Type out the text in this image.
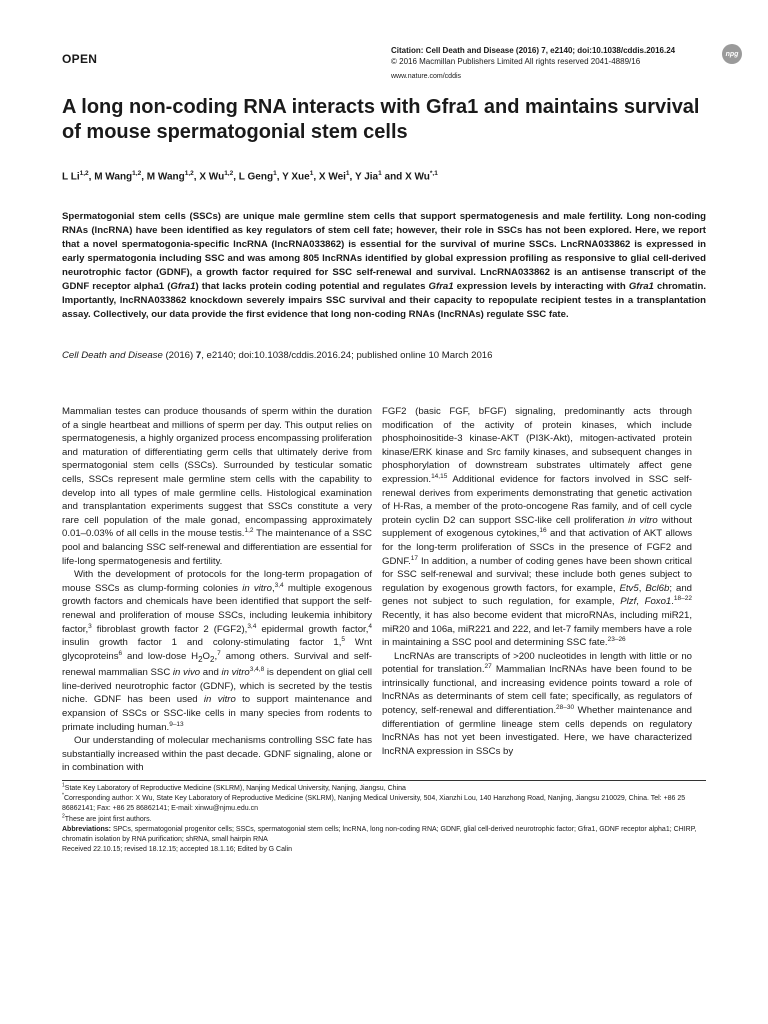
OPEN
Citation: Cell Death and Disease (2016) 7, e2140; doi:10.1038/cddis.2016.24
© 2016 Macmillan Publishers Limited All rights reserved 2041-4889/16
www.nature.com/cddis
npg
A long non-coding RNA interacts with Gfra1 and maintains survival of mouse spermatogonial stem cells
L Li$^{1,2}$, M Wang$^{1,2}$, M Wang$^{1,2}$, X Wu$^{1,2}$, L Geng$^1$, Y Xue$^1$, X Wei$^1$, Y Jia$^1$ and X $Wu^{*,1}$
Spermatogonial stem cells (SSCs) are unique male germline stem cells that support spermatogenesis and male fertility. Long non-coding RNAs (lncRNA) have been identified as key regulators of stem cell fate; however, their role in SSCs has not been explored. Here, we report that a novel spermatogonia-specific lncRNA (lncRNA033862) is essential for the survival of murine SSCs. LncRNA033862 is expressed in early spermatogonia including SSC and was among 805 lncRNAs identified by global expression profiling as responsive to glial cell-derived neurotrophic factor (GDNF), a growth factor required for SSC self-renewal and survival. LncRNA033862 is an antisense transcript of the GDNF receptor alpha1 (Gfra1) that lacks protein coding potential and regulates Gfra1 expression levels by interacting with Gfra1 chromatin. Importantly, lncRNA033862 knockdown severely impairs SSC survival and their capacity to repopulate recipient testes in a transplantation assay. Collectively, our data provide the first evidence that long non-coding RNAs (lncRNAs) regulate SSC fate.
Cell Death and Disease (2016) 7, e2140; doi:10.1038/cddis.2016.24; published online 10 March 2016

Mammalian testes can produce thousands of sperm within the duration of a single heartbeat and millions of sperm per day. This output relies on spermatogenesis, a highly organized process encompassing proliferation and maturation of differentiating germ cells that ultimately derive from spermatogonial stem cells (SSCs). Surrounded by testicular somatic cells, SSCs represent male germline stem cells with the capability to develop into all types of male germline cells. Histological examination and transplantation experiments suggest that SSCs constitute a very rare cell population of the male gonad, encompassing approximately 0.01–0.03% of all cells in the mouse testis.$^{1,2}$ The maintenance of a SSC pool and balancing SSC self-renewal and differentiation are essential for life-long spermatogenesis and fertility.

With the development of protocols for the long-term propagation of mouse SSCs as clump-forming colonies in vitro,$^{3,4}$ multiple exogenous growth factors and chemicals have been identified that support the self-renewal and proliferation of mouse SSCs, including leukemia inhibitory factor,$^3$ fibroblast growth factor 2 (FGF2),$^{3,4}$ epidermal growth factor,$^4$ insulin growth factor 1 and colony-stimulating factor 1,$^5$ Wnt glycoproteins$^6$ and low-dose $H_2O_2,^7$ among others. Survival and self-renewal mammalian SSC in vivo and in vitro$^{3,4,8}$ is dependent on glial cell line-derived neurotrophic factor (GDNF), which is secreted by the testis niche. GDNF has been used in vitro to support maintenance and expansion of SSCs or SSC-like cells in many species from rodents to primate including human.$^{9-13}$

Our understanding of molecular mechanisms controlling SSC fate has substantially increased within the past decade. GDNF signaling, alone or in combination with

FGF2 (basic FGF, bFGF) signaling, predominantly acts through modification of the activity of protein kinases, which include phosphoinositide-3 kinase-AKT (PI3K-Akt), mitogen-activated protein kinase/ERK kinase and Src family kinases, and subsequent changes in phosphorylation of downstream substrates ultimately affect gene expression.$^{14,15}$ Additional evidence for factors involved in SSC self-renewal derives from experiments demonstrating that genetic activation of H-Ras, a member of the proto-oncogene Ras family, and of cell cycle protein cyclin D2 can support SSC-like cell proliferation in vitro without supplement of exogenous cytokines,$^{16}$ and that activation of AKT allows for the long-term proliferation of SSCs in the presence of FGF2 and GDNF.$^{17}$ In addition, a number of coding genes have been shown critical for SSC self-renewal and survival; these include both genes subject to regulation by exogenous growth factors, for example, Etv5, Bcl6b; and genes not subject to such regulation, for example, Plzf, Foxo1.$^{18-22}$ Recently, it has also become evident that microRNAs, including miR21, miR20 and 106a, miR221 and 222, and let-7 family members have a role in maintaining a SSC pool and determining SSC fate.$^{23-26}$

LncRNAs are transcripts of >200 nucleotides in length with little or no potential for translation.$^{27}$ Mammalian lncRNAs have been found to be intrinsically functional, and increasing evidence points toward a role of lncRNAs as determinants of stem cell fate; specifically, as regulators of potency, self-renewal and differentiation.$^{28-30}$ Whether maintenance and differentiation of germline lineage stem cells depends on regulatory lncRNAs has not yet been investigated. Here, we have characterized lncRNA expression in SSCs by

$^1$State Key Laboratory of Reproductive Medicine (SKLRM), Nanjing Medical University, Nanjing, Jiangsu, China

*Corresponding author: X Wu, State Key Laboratory of Reproductive Medicine (SKLRM), Nanjing Medical University, 504, Xianzhi Lou, 140 Hanzhong Road, Nanjing, Jiangsu 210029, China. Tel: +86 25 86862141; Fax: +86 25 86862141; E-mail: xinwu@njmu.edu.cn

$^2$These are joint first authors.

Abbreviations: SPCs, spermatogonial progenitor cells; SSCs, spermatogonial stem cells; lncRNA, long non-coding RNA; GDNF, glial cell-derived neurotrophic factor; Gfra1, GDNF receptor alpha1; CHIRP, chromatin isolation by RNA purification; shRNA, small hairpin RNA

Received 22.10.15; revised 18.12.15; accepted 18.1.16; Edited by G Calin
